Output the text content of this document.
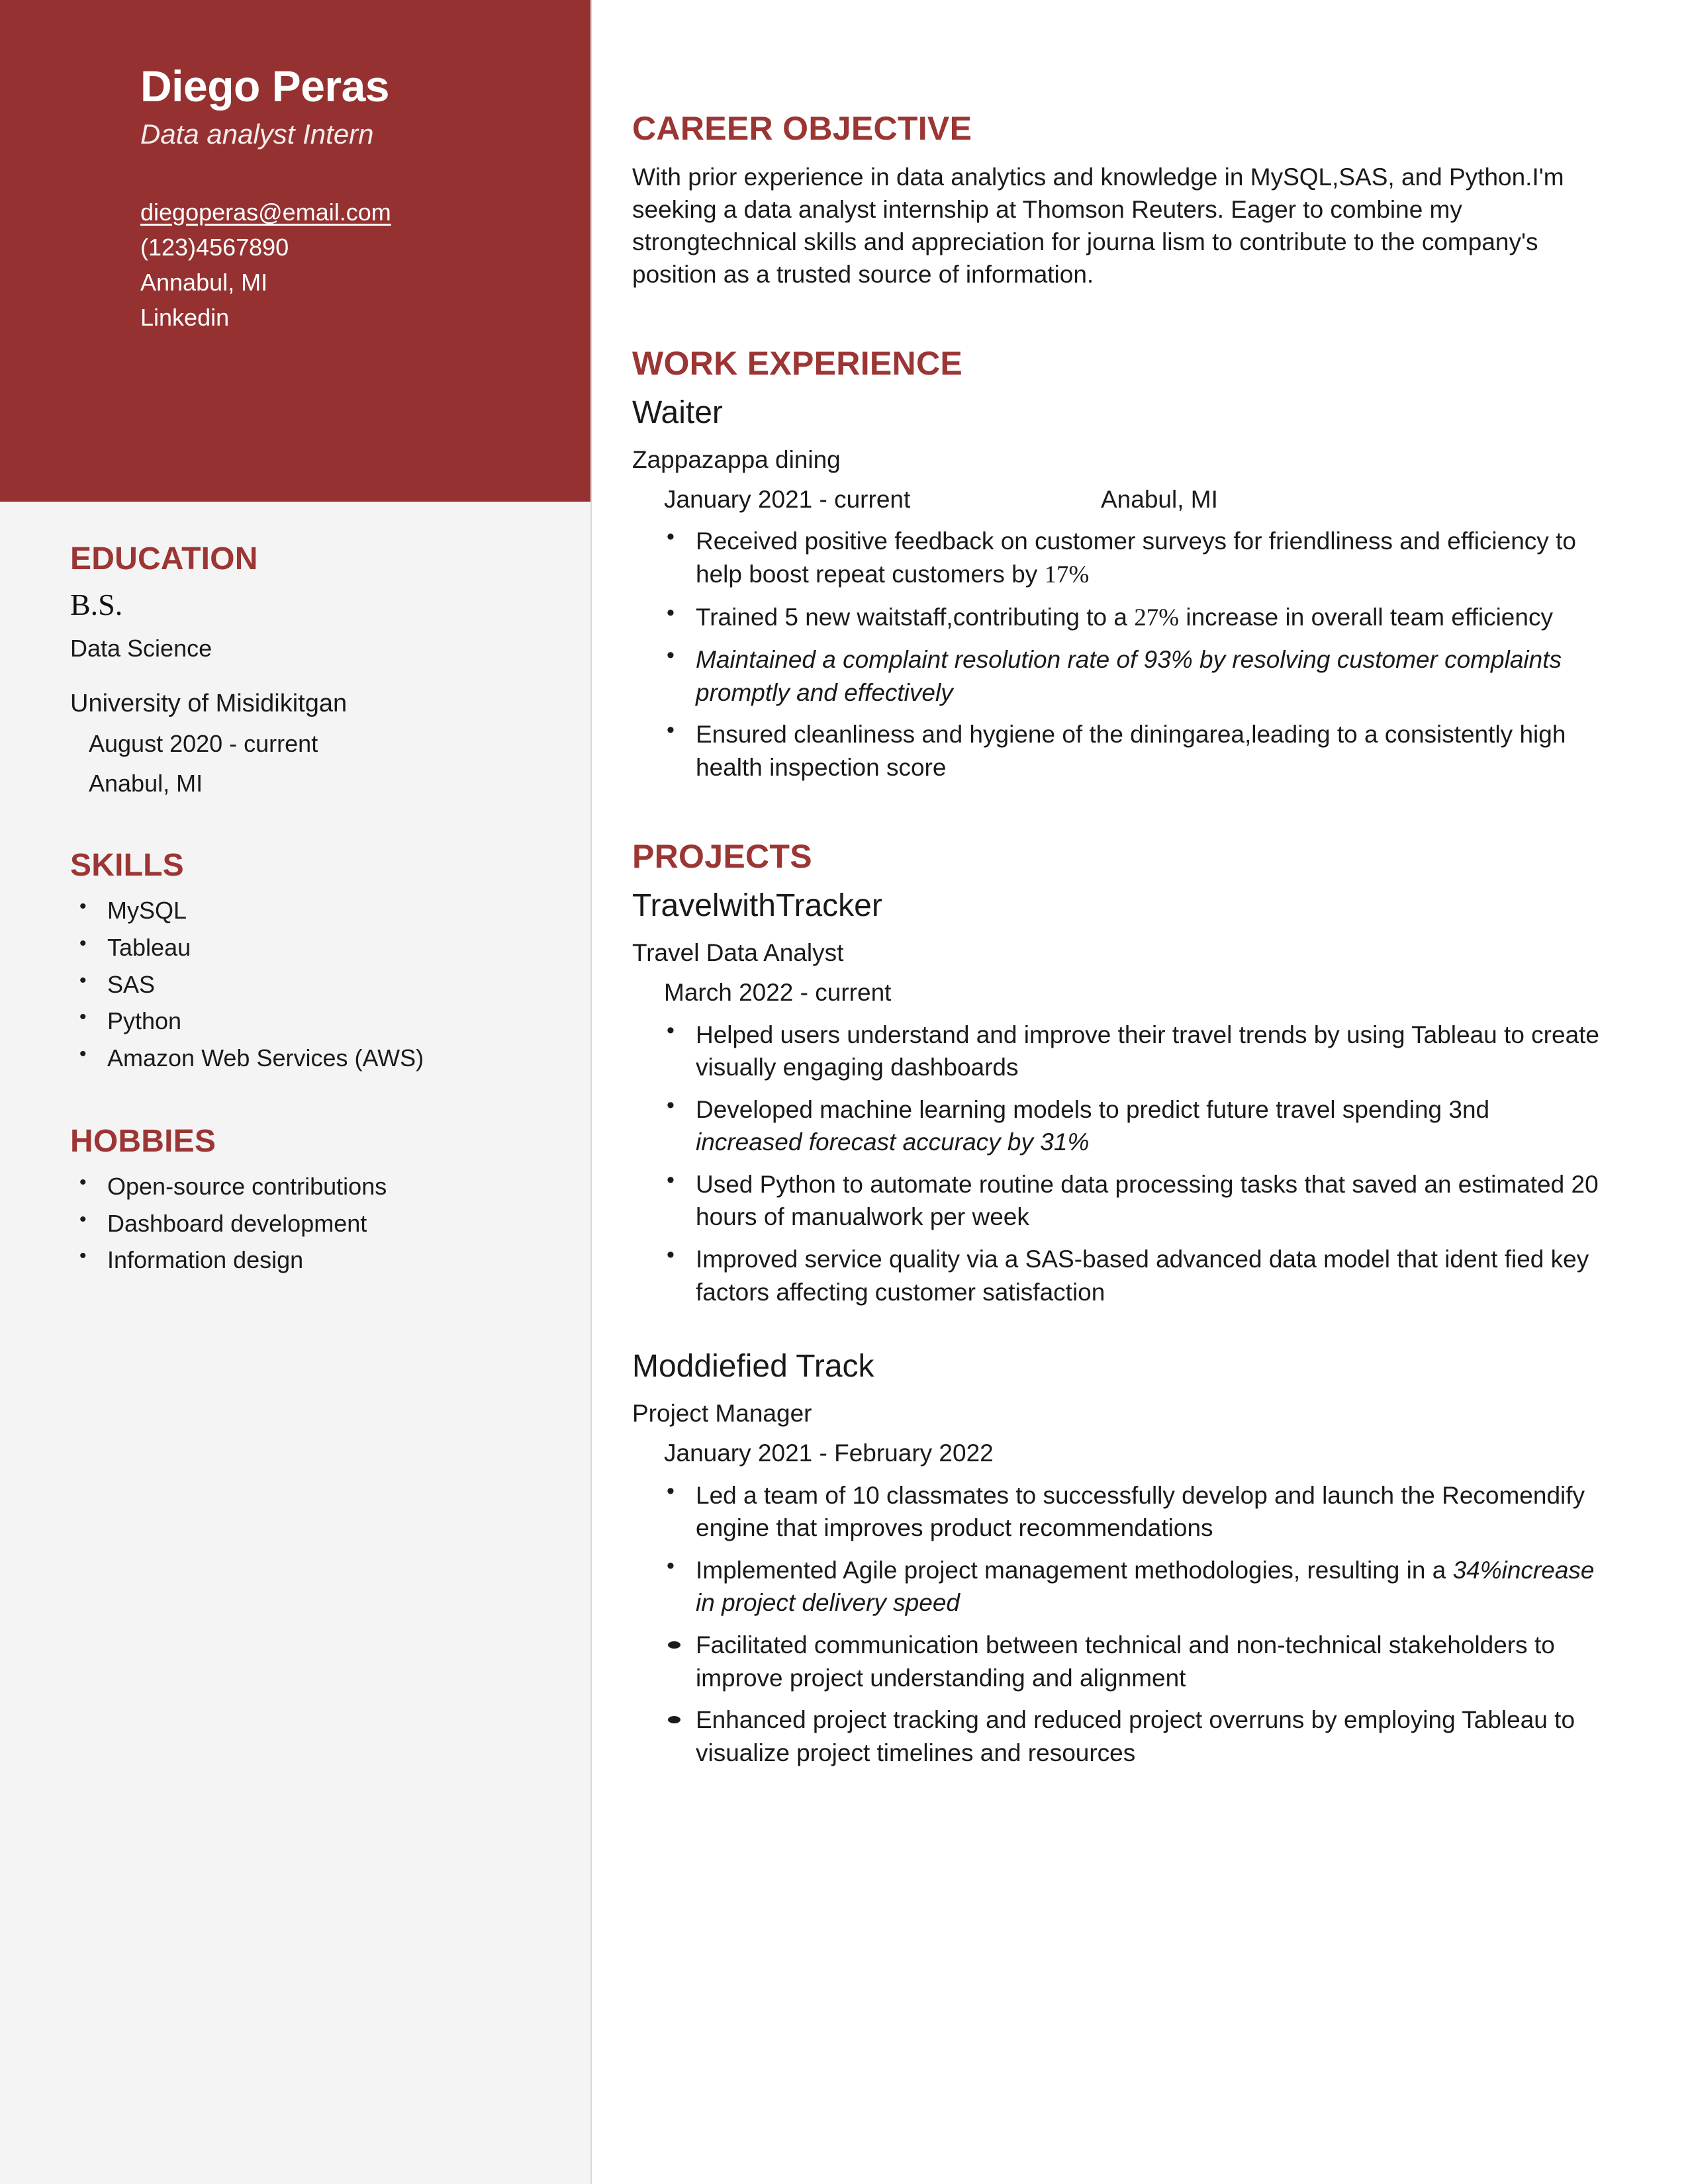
Diego Peras
Data analyst Intern
diegoperas@email.com
(123)4567890
Annabul, MI
Linkedin
EDUCATION
B.S.
Data Science
University of Misidikitgan
August 2020 - current
Anabul, MI
SKILLS
• MySQL
• Tableau
• SAS
• Python
• Amazon Web Services (AWS)
HOBBIES
• Open-source contributions
• Dashboard development
• Information design
CAREER OBJECTIVE

With prior experience in data analytics and knowledge in MySQL,SAS, and Python.I'm seeking a data analyst internship at Thomson Reuters. Eager to combine my strongtechnical skills and appreciation for journa lism to contribute to the company's position as a trusted source of information.

WORK EXPERIENCE
Waiter
Zappazappa dining
January 2021 - current	Anabul, MI
• Received positive feedback on customer surveys for friendliness and efficiency to help boost repeat customers by 17%
• Trained 5 new waitstaff,contributing to a 27% increase in overall team efficiency
• Maintained a complaint resolution rate of 93% by resolving customer complaints promptly and effectively
• Ensured cleanliness and hygiene of the diningarea,leading to a consistently high health inspection score
PROJECTS
TravelwithTracker
Travel Data Analyst
March 2022 - current
• Helped users understand and improve their travel trends by using Tableau to create visually engaging dashboards
• Developed machine learning models to predict future travel spending 3nd increased forecast accuracy by 31%
• Used Python to automate routine data processing tasks that saved an estimated 20 hours of manualwork per week
• Improved service quality via a SAS-based advanced data model that ident fied key factors affecting customer satisfaction
Moddiefied Track
Project Manager
January 2021 - February 2022
• Led a team of 10 classmates to successfully develop and launch the Recomendify engine that improves product recommendations
• Implemented Agile project management methodologies, resulting in a 34%increase in project delivery speed
Facilitated communication between technical and non-technical stakeholders to improve project understanding and alignment
Enhanced project tracking and reduced project overruns by employing Tableau to visualize project timelines and resources
